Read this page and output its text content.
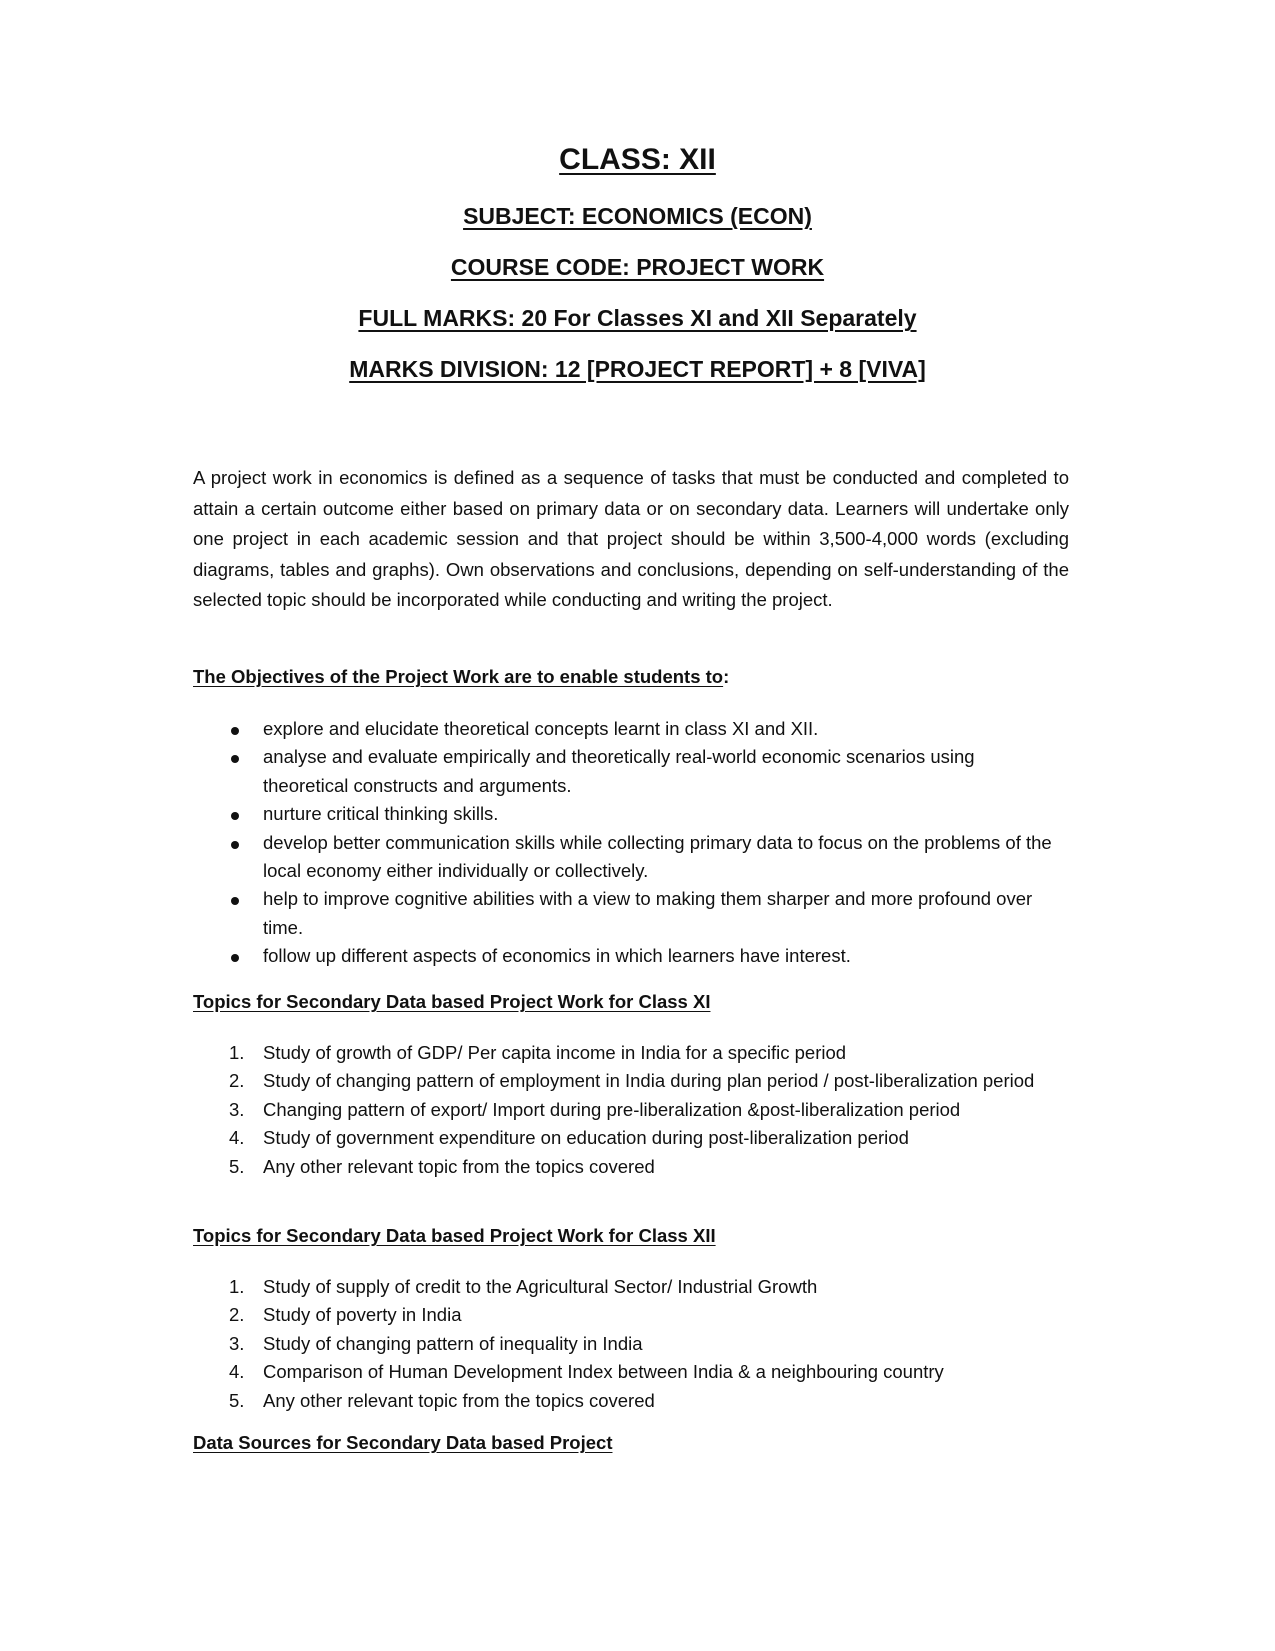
CLASS: XII
SUBJECT: ECONOMICS (ECON)
COURSE CODE: PROJECT WORK
FULL MARKS: 20 For Classes XI and XII Separately
MARKS DIVISION: 12 [PROJECT REPORT] + 8 [VIVA]

A project work in economics is defined as a sequence of tasks that must be conducted and completed to attain a certain outcome either based on primary data or on secondary data. Learners will undertake only one project in each academic session and that project should be within 3,500-4,000 words (excluding diagrams, tables and graphs). Own observations and conclusions, depending on self-understanding of the selected topic should be incorporated while conducting and writing the project.

The Objectives of the Project Work are to enable students to:

explore and elucidate theoretical concepts learnt in class XI and XII.
analyse and evaluate empirically and theoretically real-world economic scenarios using theoretical constructs and arguments.
nurture critical thinking skills.
develop better communication skills while collecting primary data to focus on the problems of the local economy either individually or collectively.
help to improve cognitive abilities with a view to making them sharper and more profound over time.
follow up different aspects of economics in which learners have interest.

Topics for Secondary Data based Project Work for Class XI

1.	Study of growth of GDP/ Per capita income in India for a specific period
2.	Study of changing pattern of employment in India during plan period / post-liberalization period
3.	Changing pattern of export/ Import during pre-liberalization &post-liberalization period
4.	Study of government expenditure on education during post-liberalization period
5.	Any other relevant topic from the topics covered

Topics for Secondary Data based Project Work for Class XII

1.	Study of supply of credit to the Agricultural Sector/ Industrial Growth
2.	Study of poverty in India
3.	Study of changing pattern of inequality in India
4.	Comparison of Human Development Index between India & a neighbouring country
5.	Any other relevant topic from the topics covered

Data Sources for Secondary Data based Project
